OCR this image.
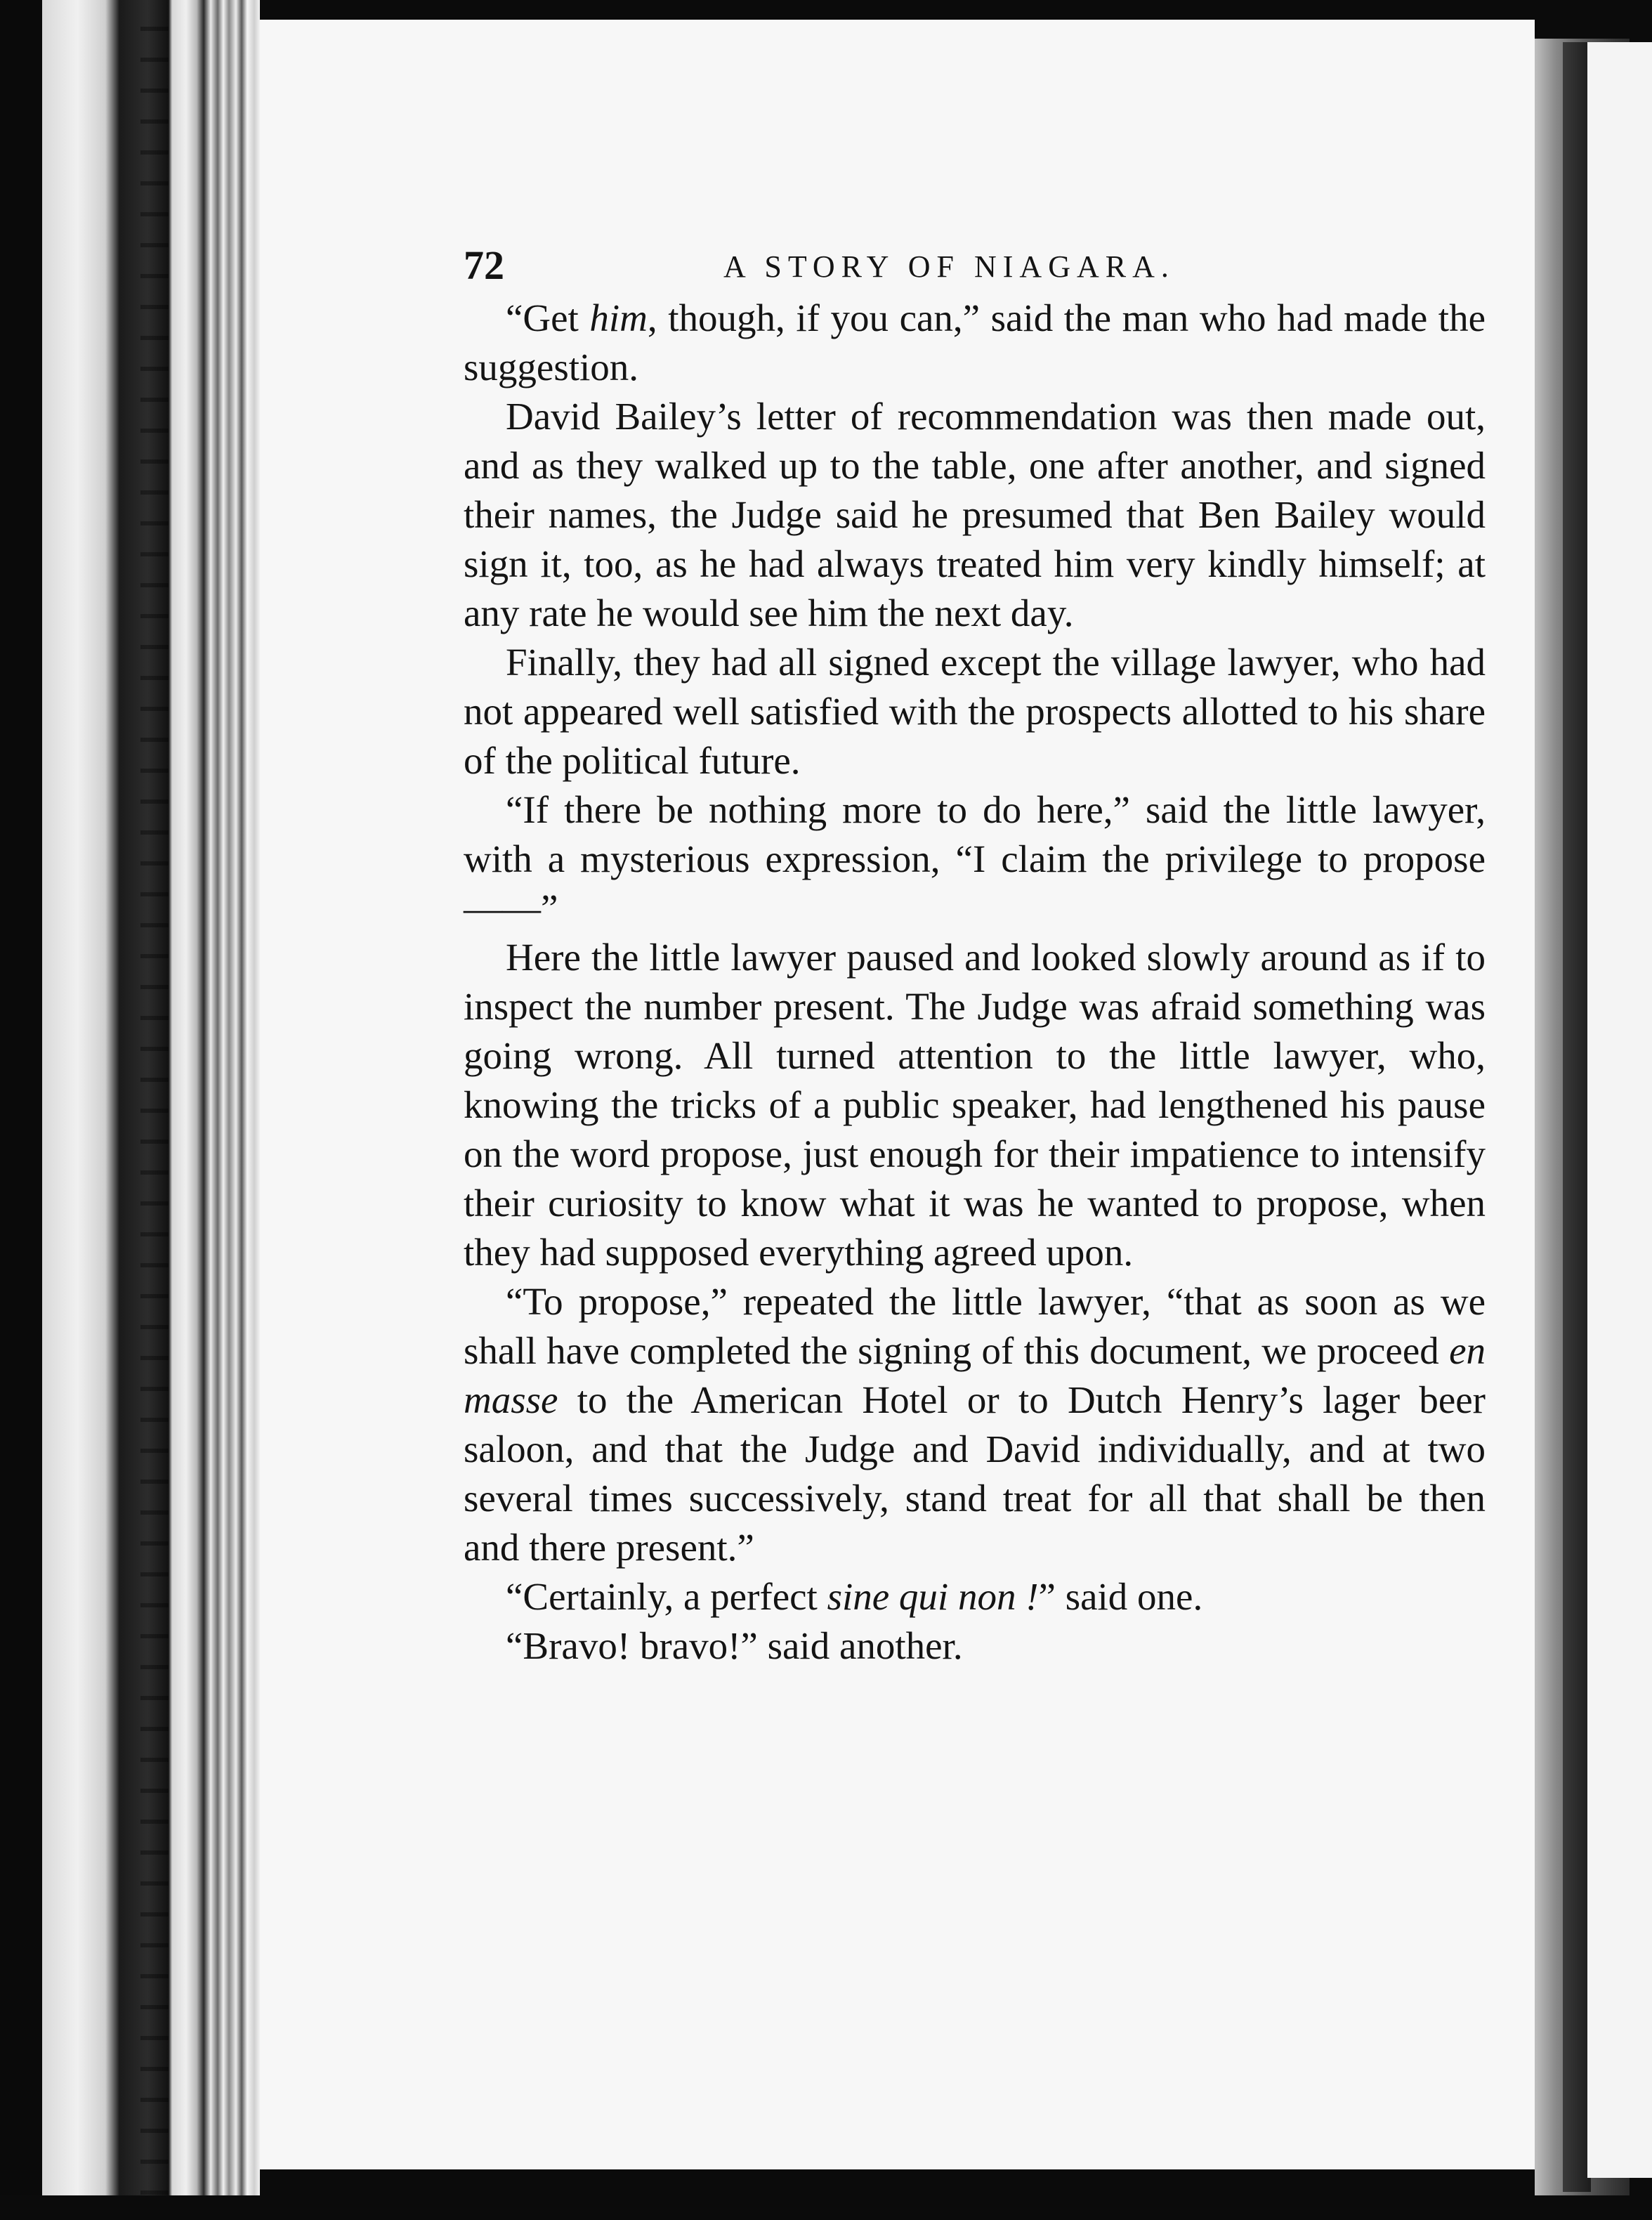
72	A STORY OF NIAGARA.

“Get him, though, if you can,” said the man who had made the suggestion.

David Bailey’s letter of recommendation was then made out, and as they walked up to the table, one after another, and signed their names, the Judge said he presumed that Ben Bailey would sign it, too, as he had always treated him very kindly himself; at any rate he would see him the next day.

Finally, they had all signed except the village lawyer, who had not appeared well satisfied with the prospects allotted to his share of the political future.

“If there be nothing more to do here,” said the little lawyer, with a mysterious expression, “I claim the privilege to propose ——”

Here the little lawyer paused and looked slowly around as if to inspect the number present. The Judge was afraid something was going wrong. All turned attention to the little lawyer, who, knowing the tricks of a public speaker, had lengthened his pause on the word propose, just enough for their impatience to intensify their curiosity to know what it was he wanted to propose, when they had supposed everything agreed upon.

“To propose,” repeated the little lawyer, “that as soon as we shall have completed the signing of this document, we proceed en masse to the American Hotel or to Dutch Henry’s lager beer saloon, and that the Judge and David individually, and at two several times successively, stand treat for all that shall be then and there present.”

“Certainly, a perfect sine qui non !” said one.

“Bravo! bravo!” said another.
